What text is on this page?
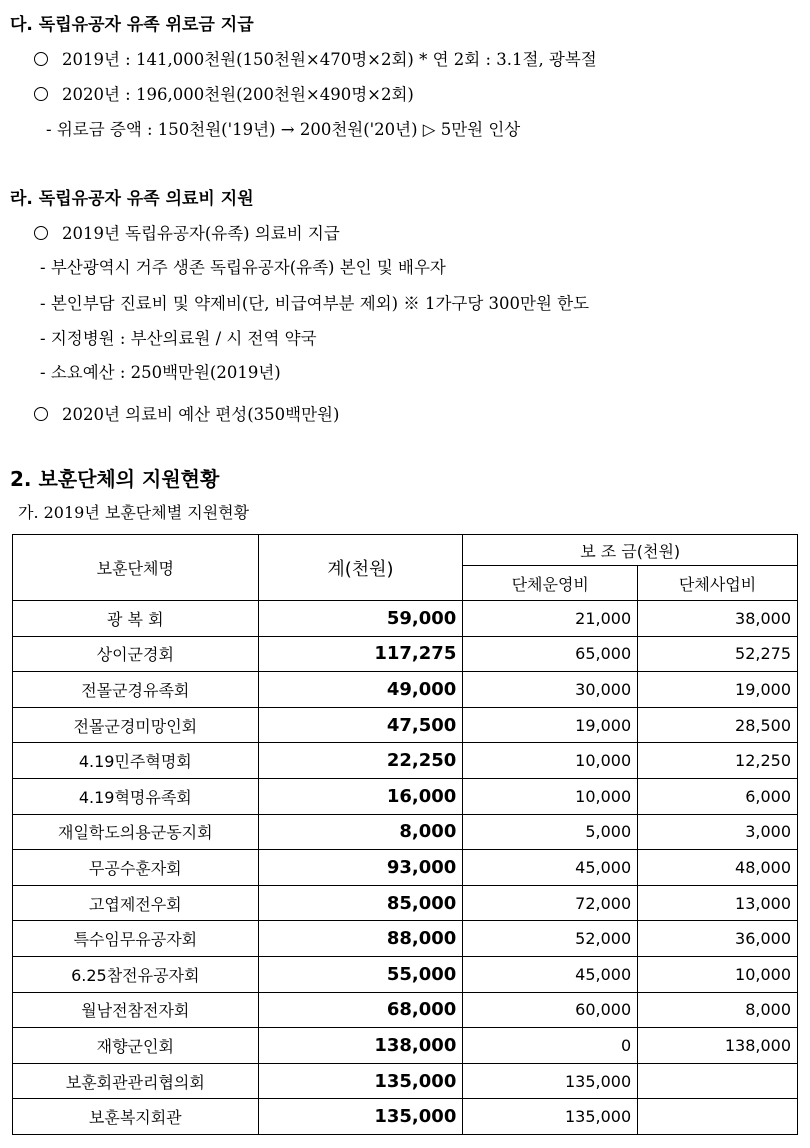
다. 독립유공자 유족 위로금 지급
2019년 : 141,000천원(150천원×470명×2회) * 연 2회 : 3.1절, 광복절
2020년 : 196,000천원(200천원×490명×2회)
- 위로금 증액 : 150천원('19년) → 200천원('20년) ▷ 5만원 인상
라. 독립유공자 유족 의료비 지원
2019년 독립유공자(유족) 의료비 지급
- 부산광역시 거주 생존 독립유공자(유족) 본인 및 배우자
- 본인부담 진료비 및 약제비(단, 비급여부분 제외) ※ 1가구당 300만원 한도
- 지정병원 : 부산의료원 / 시 전역 약국
- 소요예산 : 250백만원(2019년)
2020년 의료비 예산 편성(350백만원)
2. 보훈단체의 지원현황
가. 2019년 보훈단체별 지원현황
보훈단체명	계(천원)	보 조 금(천원)	
		단체운영비	단체사업비
광 복 회	59,000	21,000	38,000
상이군경회	117,275	65,000	52,275
전몰군경유족회	49,000	30,000	19,000
전몰군경미망인회	47,500	19,000	28,500
4.19민주혁명회	22,250	10,000	12,250
4.19혁명유족회	16,000	10,000	6,000
재일학도의용군동지회	8,000	5,000	3,000
무공수훈자회	93,000	45,000	48,000
고엽제전우회	85,000	72,000	13,000
특수임무유공자회	88,000	52,000	36,000
6.25참전유공자회	55,000	45,000	10,000
월남전참전자회	68,000	60,000	8,000
재향군인회	138,000	0	138,000
보훈회관관리협의회	135,000	135,000	
보훈복지회관	135,000	135,000	
